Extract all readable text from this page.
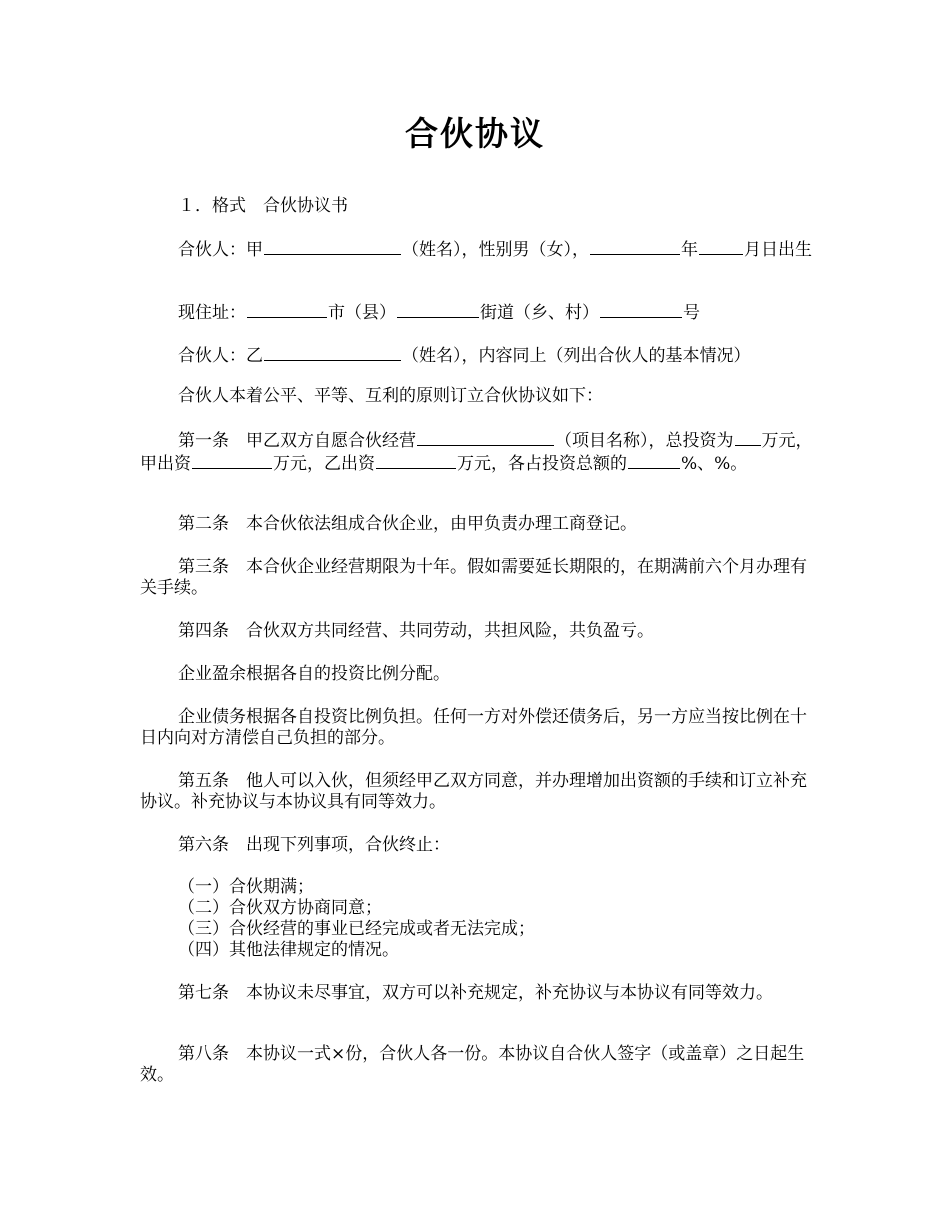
合伙协议
１．格式　合伙协议书
合伙人：甲	（姓名），性别男（女），	年	月日出生
现住址：	市（县）	街道（乡、村）	号
合伙人：乙	（姓名），内容同上（列出合伙人的基本情况）
合伙人本着公平、平等、互利的原则订立合伙协议如下：
第一条　甲乙双方自愿合伙经营	（项目名称），总投资为 万元，甲出资	万元，乙出资	万元，各占投资总额的	%、%。
第二条　本合伙依法组成合伙企业，由甲负责办理工商登记。
第三条　本合伙企业经营期限为十年。假如需要延长期限的，在期满前六个月办理有关手续。
第四条　合伙双方共同经营、共同劳动，共担风险，共负盈亏。
企业盈余根据各自的投资比例分配。
企业债务根据各自投资比例负担。任何一方对外偿还债务后，另一方应当按比例在十日内向对方清偿自己负担的部分。
第五条　他人可以入伙，但须经甲乙双方同意，并办理增加出资额的手续和订立补充协议。补充协议与本协议具有同等效力。
第六条　出现下列事项，合伙终止：
（一）合伙期满；
（二）合伙双方协商同意；
（三）合伙经营的事业已经完成或者无法完成；
（四）其他法律规定的情况。
第七条　本协议未尽事宜，双方可以补充规定，补充协议与本协议有同等效力。
第八条　本协议一式×份，合伙人各一份。本协议自合伙人签字（或盖章）之日起生效。
